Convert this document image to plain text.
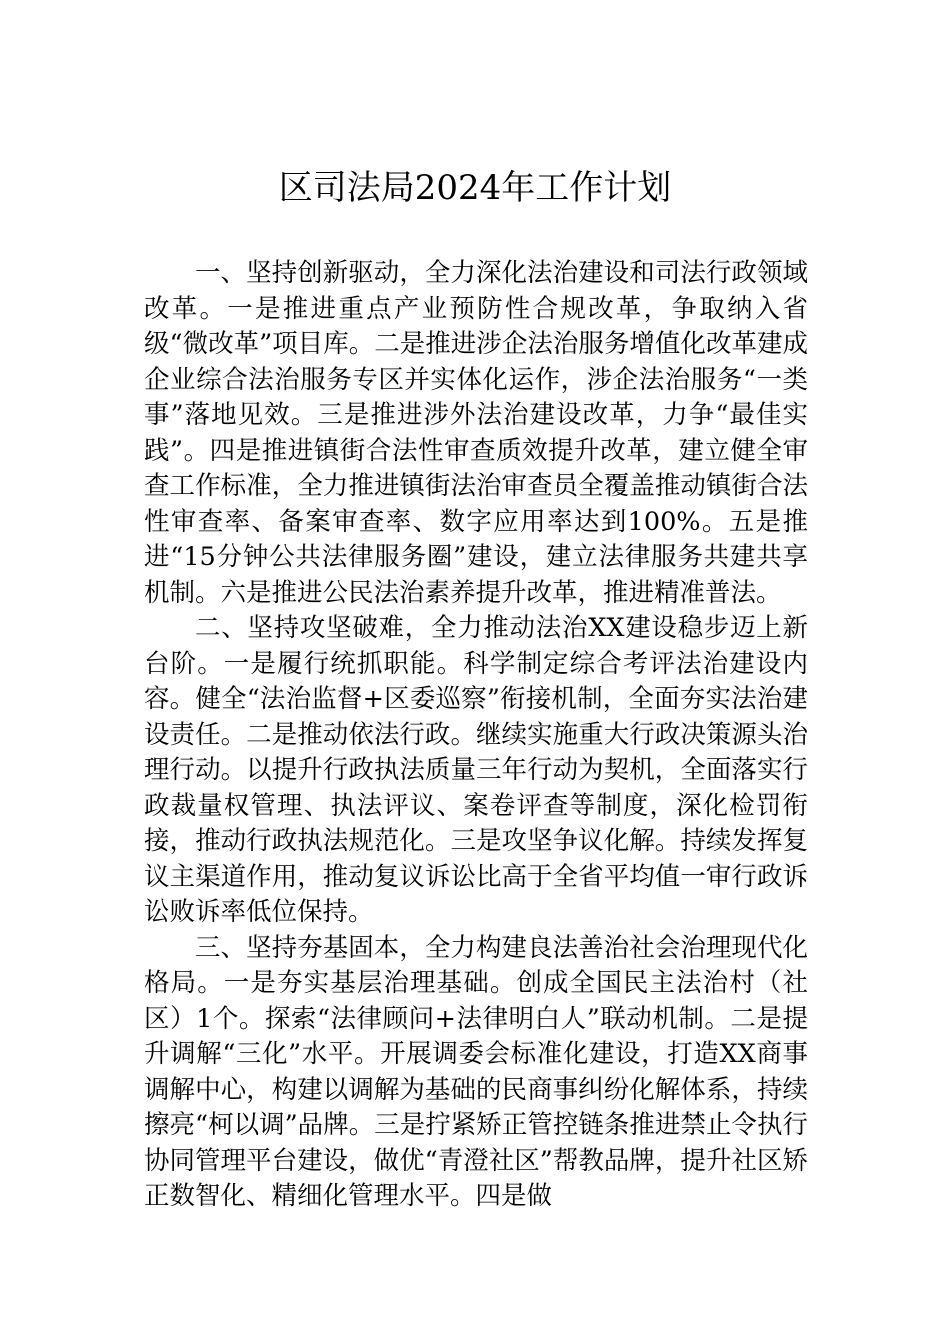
区司法局2024年工作计划

一、坚持创新驱动，全力深化法治建设和司法行政领域改革。一是推进重点产业预防性合规改革，争取纳入省级“微改革”项目库。二是推进涉企法治服务增值化改革建成企业综合法治服务专区并实体化运作，涉企法治服务“一类事”落地见效。三是推进涉外法治建设改革，力争“最佳实践”。四是推进镇街合法性审查质效提升改革，建立健全审查工作标准，全力推进镇街法治审查员全覆盖推动镇街合法性审查率、备案审查率、数字应用率达到100%。五是推进“15分钟公共法律服务圈”建设，建立法律服务共建共享机制。六是推进公民法治素养提升改革，推进精准普法。

二、坚持攻坚破难，全力推动法治XX建设稳步迈上新台阶。一是履行统抓职能。科学制定综合考评法治建设内容。健全“法治监督+区委巡察”衔接机制，全面夯实法治建设责任。二是推动依法行政。继续实施重大行政决策源头治理行动。以提升行政执法质量三年行动为契机，全面落实行政裁量权管理、执法评议、案卷评查等制度，深化检罚衔接，推动行政执法规范化。三是攻坚争议化解。持续发挥复议主渠道作用，推动复议诉讼比高于全省平均值一审行政诉讼败诉率低位保持。

三、坚持夯基固本，全力构建良法善治社会治理现代化格局。一是夯实基层治理基础。创成全国民主法治村（社区）1个。探索“法律顾问+法律明白人”联动机制。二是提升调解“三化”水平。开展调委会标准化建设，打造XX商事调解中心，构建以调解为基础的民商事纠纷化解体系，持续擦亮“柯以调”品牌。三是拧紧矫正管控链条推进禁止令执行协同管理平台建设，做优“青澄社区”帮教品牌，提升社区矫正数智化、精细化管理水平。四是做
